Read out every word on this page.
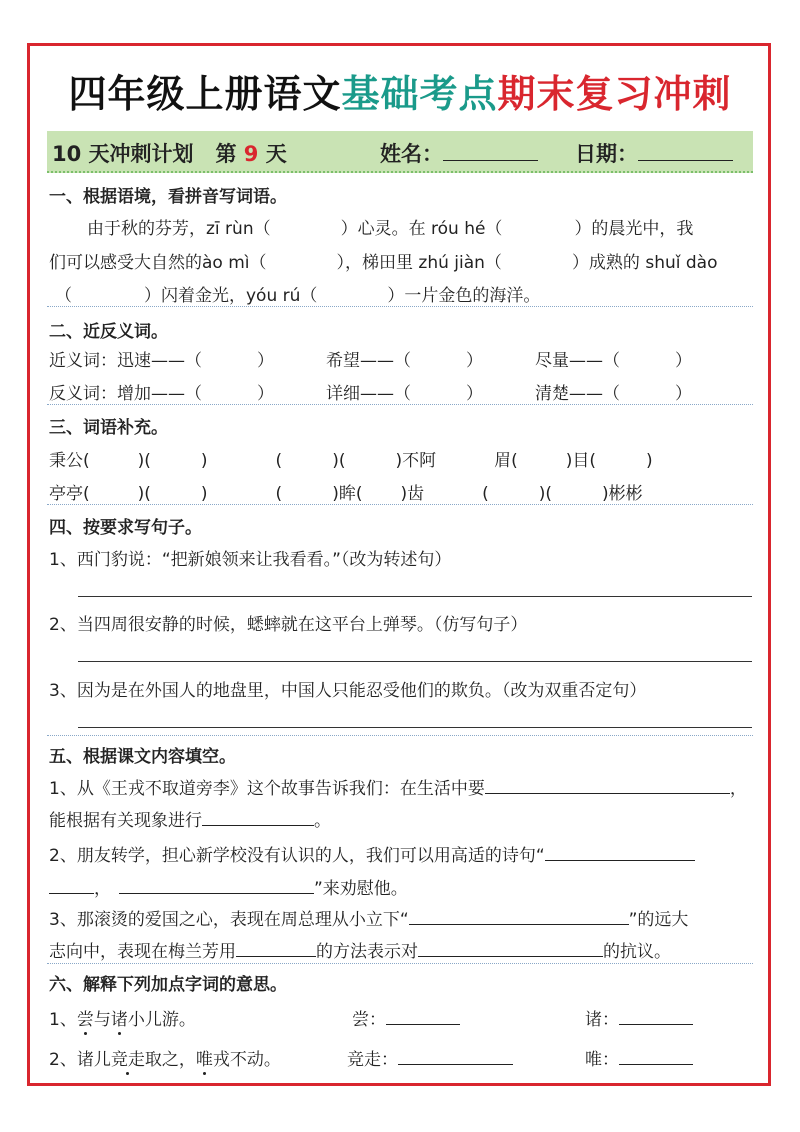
四年级上册语文基础考点期末复习冲刺
10 天冲刺计划 第 9 天	姓名：	日期：
一、根据语境，看拼音写词语。
由于秋的芬芳，zī rùn（	）心灵。在 róu hé（	）的晨光中，我
们可以感受大自然的ào mì（	），梯田里 zhú jiàn（	）成熟的 shuǐ dào
（	）闪着金光，yóu rú（	）一片金色的海洋。
二、近反义词。
近义词：迅速——（	）	希望——（	）	尽量——（	）
反义词：增加——（	）	详细——（	）	清楚——（	）
三、词语补充。
秉公(	)(	)	(	)(	)不阿	眉(	)目(	)
亭亭(	)(	)	(	)眸( )齿	(	)(	)彬彬
四、按要求写句子。
1、西门豹说：“把新娘领来让我看看。”（改为转述句）
2、当四周很安静的时候，蟋蟀就在这平台上弹琴。（仿写句子）
3、因为是在外国人的地盘里，中国人只能忍受他们的欺负。（改为双重否定句）
五、根据课文内容填空。
1、从《王戎不取道旁李》这个故事告诉我们：在生活中要	，
能根据有关现象进行	。
2、朋友转学，担心新学校没有认识的人，我们可以用高适的诗句“
，	”来劝慰他。
3、那滚烫的爱国之心，表现在周总理从小立下“	”的远大
志向中，表现在梅兰芳用	的方法表示对	的抗议。
六、解释下列加点字词的意思。
1、尝与诸小儿游。	尝：	诸：
2、诸儿竞走取之，唯戎不动。	竞走：	唯：
